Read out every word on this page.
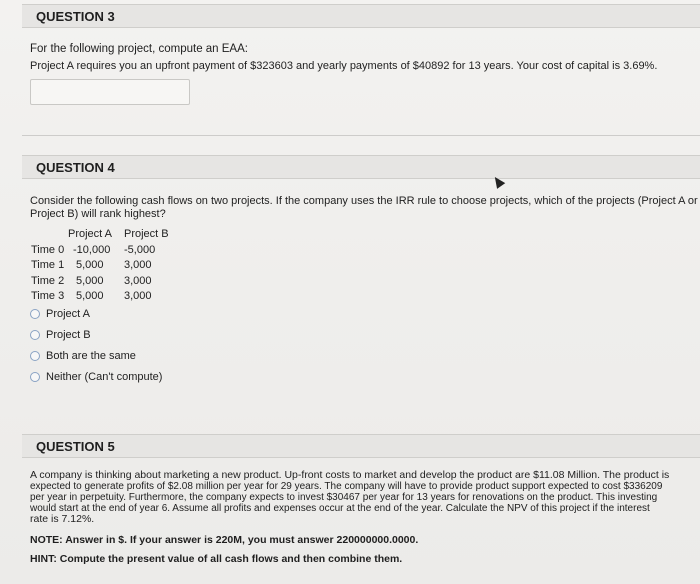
QUESTION 3
For the following project, compute an EAA:
Project A requires you an upfront payment of $323603 and yearly payments of $40892 for 13 years. Your cost of capital is 3.69%.
QUESTION 4
Consider the following cash flows on two projects. If the company uses the IRR rule to choose projects, which of the projects (Project A or
Project B) will rank highest?
Project A Project B
Time 0 -10,000 -5,000
Time 1 5,000 3,000
Time 2 5,000 3,000
Time 3 5,000 3,000
Project A
Project B
Both are the same
Neither (Can't compute)
QUESTION 5
A company is thinking about marketing a new product. Up-front costs to market and develop the product are $11.08 Million. The product is
expected to generate profits of $2.08 million per year for 29 years. The company will have to provide product support expected to cost $336209
per year in perpetuity. Furthermore, the company expects to invest $30467 per year for 13 years for renovations on the product. This investing
would start at the end of year 6. Assume all profits and expenses occur at the end of the year. Calculate the NPV of this project if the interest
rate is 7.12%.
NOTE: Answer in $. If your answer is 220M, you must answer 220000000.0000.
HINT: Compute the present value of all cash flows and then combine them.
